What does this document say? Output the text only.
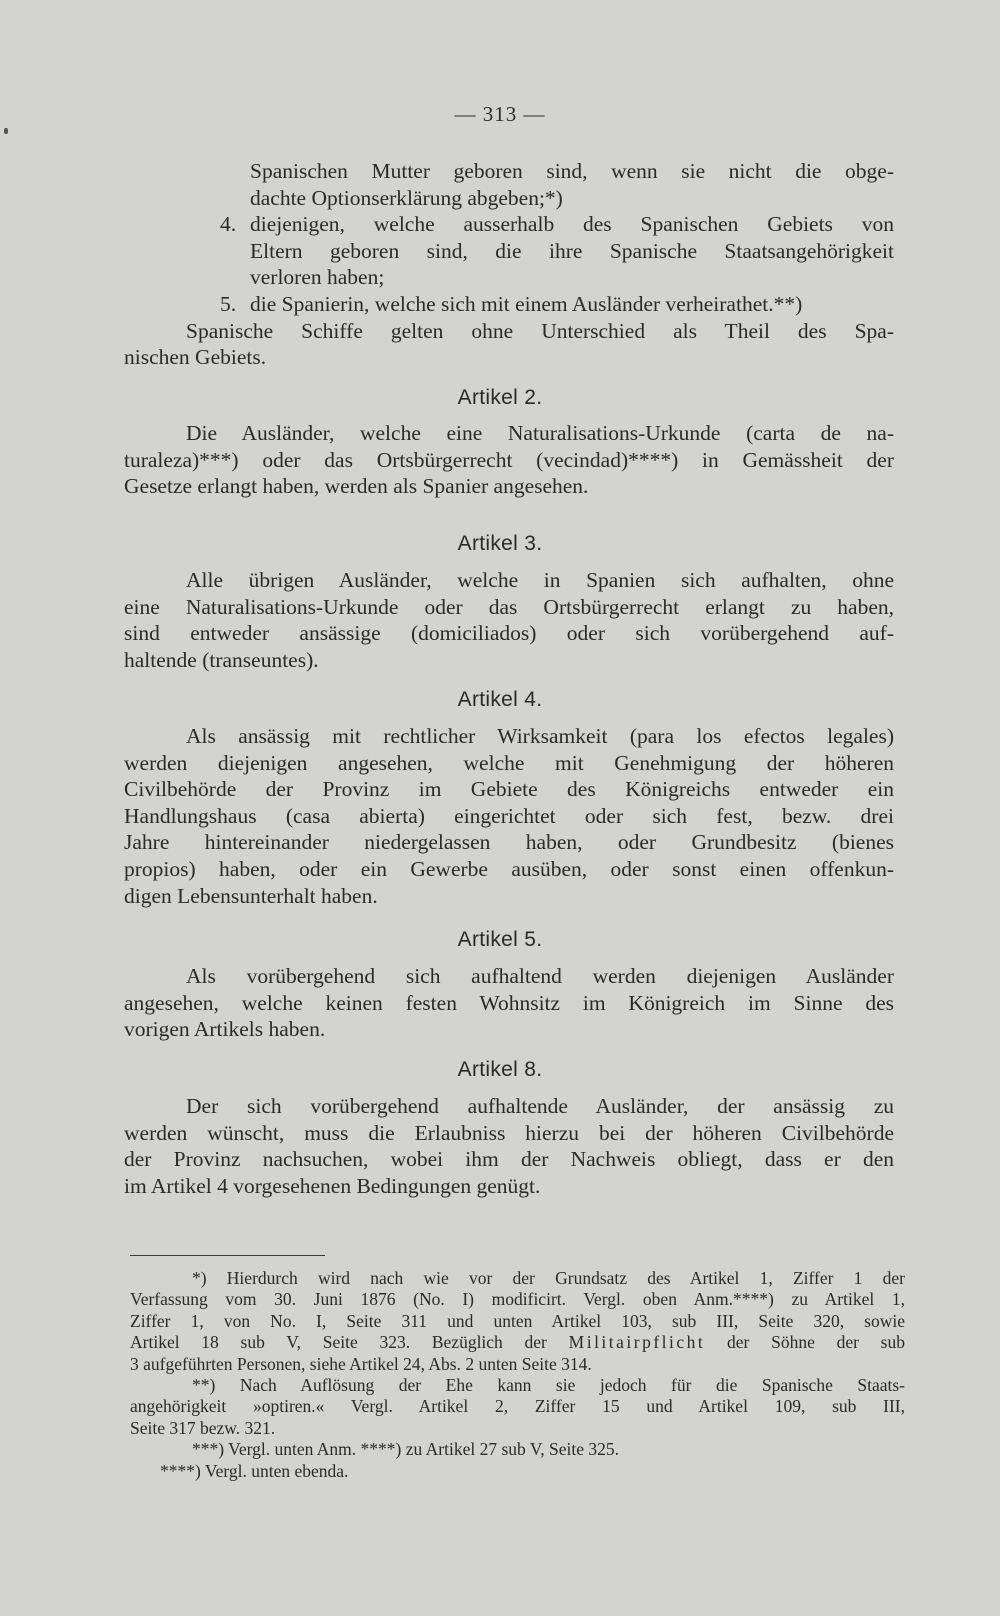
— 313 —
Spanischen Mutter geboren sind, wenn sie nicht die obge-
dachte Optionserklärung abgeben;*)
4. diejenigen, welche ausserhalb des Spanischen Gebiets von
Eltern geboren sind, die ihre Spanische Staatsangehörigkeit
verloren haben;
5. die Spanierin, welche sich mit einem Ausländer verheirathet.**)
Spanische Schiffe gelten ohne Unterschied als Theil des Spa-
nischen Gebiets.
Artikel 2.
Die Ausländer, welche eine Naturalisations-Urkunde (carta de na-
turaleza)***) oder das Ortsbürgerrecht (vecindad)****) in Gemässheit der
Gesetze erlangt haben, werden als Spanier angesehen.
Artikel 3.
Alle übrigen Ausländer, welche in Spanien sich aufhalten, ohne
eine Naturalisations-Urkunde oder das Ortsbürgerrecht erlangt zu haben,
sind entweder ansässige (domiciliados) oder sich vorübergehend auf-
haltende (transeuntes).
Artikel 4.
Als ansässig mit rechtlicher Wirksamkeit (para los efectos legales)
werden diejenigen angesehen, welche mit Genehmigung der höheren
Civilbehörde der Provinz im Gebiete des Königreichs entweder ein
Handlungshaus (casa abierta) eingerichtet oder sich fest, bezw. drei
Jahre hintereinander niedergelassen haben, oder Grundbesitz (bienes
propios) haben, oder ein Gewerbe ausüben, oder sonst einen offenkun-
digen Lebensunterhalt haben.
Artikel 5.
Als vorübergehend sich aufhaltend werden diejenigen Ausländer
angesehen, welche keinen festen Wohnsitz im Königreich im Sinne des
vorigen Artikels haben.
Artikel 8.
Der sich vorübergehend aufhaltende Ausländer, der ansässig zu
werden wünscht, muss die Erlaubniss hierzu bei der höheren Civilbehörde
der Provinz nachsuchen, wobei ihm der Nachweis obliegt, dass er den
im Artikel 4 vorgesehenen Bedingungen genügt.
*) Hierdurch wird nach wie vor der Grundsatz des Artikel 1, Ziffer 1 der
Verfassung vom 30. Juni 1876 (No. I) modificirt. Vergl. oben Anm.****) zu Artikel 1,
Ziffer 1, von No. I, Seite 311 und unten Artikel 103, sub III, Seite 320, sowie
Artikel 18 sub V, Seite 323. Bezüglich der Militairpflicht der Söhne der sub
3 aufgeführten Personen, siehe Artikel 24, Abs. 2 unten Seite 314.
**) Nach Auflösung der Ehe kann sie jedoch für die Spanische Staats-
angehörigkeit »optiren.« Vergl. Artikel 2, Ziffer 15 und Artikel 109, sub III,
Seite 317 bezw. 321.
***) Vergl. unten Anm. ****) zu Artikel 27 sub V, Seite 325.
****) Vergl. unten ebenda.
